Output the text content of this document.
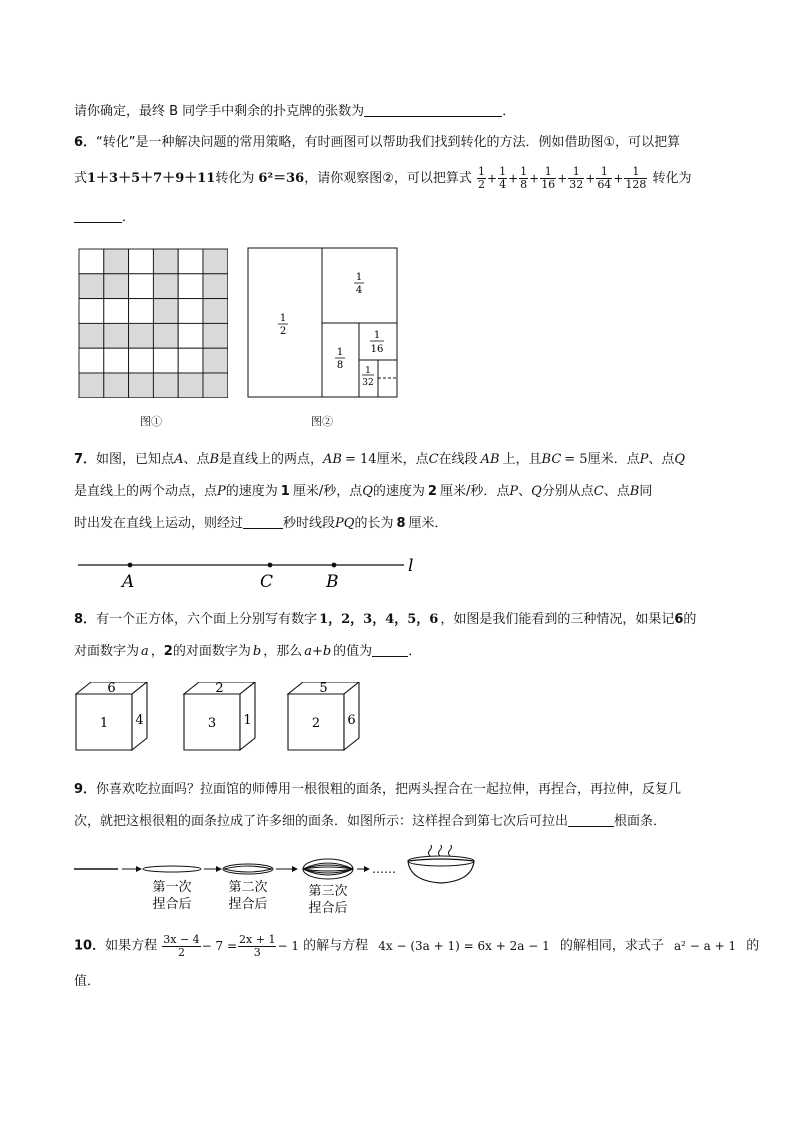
请你确定，最终 B 同学手中剩余的扑克牌的张数为	．
6．“转化”是一种解决问题的常用策略，有时画图可以帮助我们找到转化的方法．例如借助图①，可以把算
式1＋3＋5＋7＋9＋11转化为 6²＝36，请你观察图②，可以把算式 $\frac{1}{2} + \frac{1}{4} + \frac{1}{8} + \frac{1}{16} + \frac{1}{32} + \frac{1}{64} + \frac{1}{128}$ 转化为
．
图①
1
2
1
4
1
8
1
16
1
32
图②
7．如图，已知点A、点B是直线上的两点，AB = 14厘米，点C在线段 AB 上，且BC = 5厘米．点P、点Q
是直线上的两个动点，点P的速度为 1 厘米/秒，点Q的速度为 2 厘米/秒．点P、Q分别从点C、点B同
时出发在直线上运动，则经过	秒时线段PQ的长为 8 厘米．
A	C	B
l
8．有一个正方体，六个面上分别写有数字 1，2，3，4，5，6 ，如图是我们能看到的三种情况，如果记6的
对面数字为 a ，2的对面数字为 b ，那么 a+b 的值为	．
6
1 4
2
3 1
5
2 6
9．你喜欢吃拉面吗？拉面馆的师傅用一根很粗的面条，把两头捏合在一起拉伸，再捏合，再拉伸，反复几
次，就把这根很粗的面条拉成了许多细的面条．如图所示：这样捏合到第七次后可拉出	根面条．
……
第一次
捏合后
第二次
捏合后
第三次
捏合后
10．如果方程 $\frac{3x - 4}{2} - 7 = \frac{2x + 1}{3} - 1$ 的解与方程 4x − (3a + 1) = 6x + 2a − 1 的解相同，求式子 a² − a + 1 的
值．
